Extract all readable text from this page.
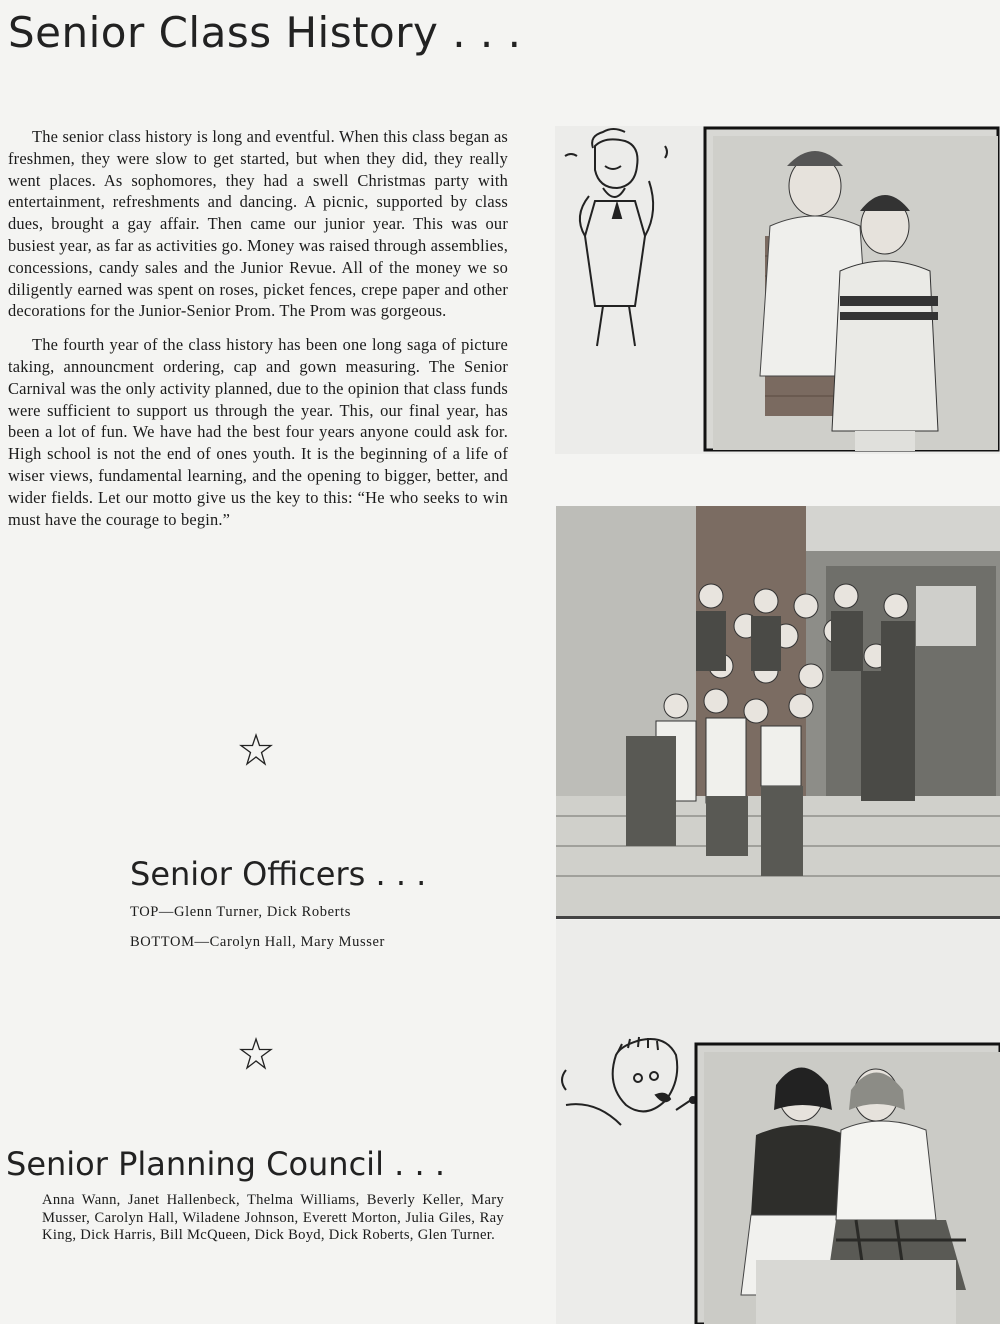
Senior Class History . . .

The senior class history is long and eventful. When this class began as freshmen, they were slow to get started, but when they did, they really went places. As sophomores, they had a swell Christmas party with entertainment, refreshments and dancing. A picnic, supported by class dues, brought a gay affair. Then came our junior year. This was our busiest year, as far as activities go. Money was raised through assemblies, concessions, candy sales and the Junior Revue. All of the money we so diligently earned was spent on roses, picket fences, crepe paper and other decorations for the Junior-Senior Prom. The Prom was gorgeous.

The fourth year of the class history has been one long saga of picture taking, announcment ordering, cap and gown measuring. The Senior Carnival was the only activity planned, due to the opinion that class funds were sufficient to support us through the year. This, our final year, has been a lot of fun. We have had the best four years anyone could ask for. High school is not the end of ones youth. It is the beginning of a life of wiser views, fundamental learning, and the opening to bigger, better, and wider fields. Let our motto give us the key to this: “He who seeks to win must have the courage to begin.”

Senior Officers . . .
TOP—Glenn Turner, Dick Roberts
BOTTOM—Carolyn Hall, Mary Musser
Senior Planning Council . . .
Anna Wann, Janet Hallenbeck, Thelma Williams, Beverly Keller, Mary Musser, Carolyn Hall, Wiladene Johnson, Everett Morton, Julia Giles, Ray King, Dick Harris, Bill McQueen, Dick Boyd, Dick Roberts, Glen Turner.
